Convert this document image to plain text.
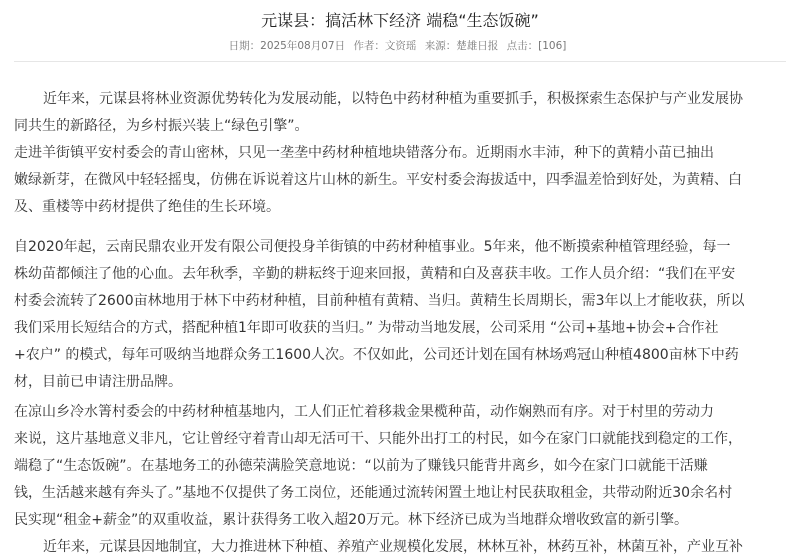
元谋县：搞活林下经济 端稳“生态饭碗”
日期：2025年08月07日 作者：文资瑶 来源：楚雄日报 点击：[106]
近年来，元谋县将林业资源优势转化为发展动能，以特色中药材种植为重要抓手，积极探索生态保护与产业发展协
同共生的新路径，为乡村振兴装上“绿色引擎”。
走进羊街镇平安村委会的青山密林，只见一垄垄中药材种植地块错落分布。近期雨水丰沛，种下的黄精小苗已抽出
嫩绿新芽，在微风中轻轻摇曳，仿佛在诉说着这片山林的新生。平安村委会海拔适中，四季温差恰到好处，为黄精、白
及、重楼等中药材提供了绝佳的生长环境。
自2020年起，云南民鼎农业开发有限公司便投身羊街镇的中药材种植事业。5年来，他不断摸索种植管理经验，每一
株幼苗都倾注了他的心血。去年秋季，辛勤的耕耘终于迎来回报，黄精和白及喜获丰收。工作人员介绍：“我们在平安
村委会流转了2600亩林地用于林下中药材种植，目前种植有黄精、当归。黄精生长周期长，需3年以上才能收获，所以
我们采用长短结合的方式，搭配种植1年即可收获的当归。” 为带动当地发展，公司采用 “公司+基地+协会+合作社
+农户” 的模式，每年可吸纳当地群众务工1600人次。不仅如此，公司还计划在国有林场鸡冠山种植4800亩林下中药
材，目前已申请注册品牌。
在凉山乡冷水箐村委会的中药材种植基地内，工人们正忙着移栽金果榄种苗，动作娴熟而有序。对于村里的劳动力
来说，这片基地意义非凡，它让曾经守着青山却无活可干、只能外出打工的村民，如今在家门口就能找到稳定的工作，
端稳了“生态饭碗”。在基地务工的孙德荣满脸笑意地说：“以前为了赚钱只能背井离乡，如今在家门口就能干活赚
钱，生活越来越有奔头了。”基地不仅提供了务工岗位，还能通过流转闲置土地让村民获取租金，共带动附近30余名村
民实现“租金+薪金”的双重收益，累计获得务工收入超20万元。林下经济已成为当地群众增收致富的新引擎。
近年来，元谋县因地制宜，大力推进林下种植、养殖产业规模化发展，林林互补，林药互补，林菌互补，产业互补
